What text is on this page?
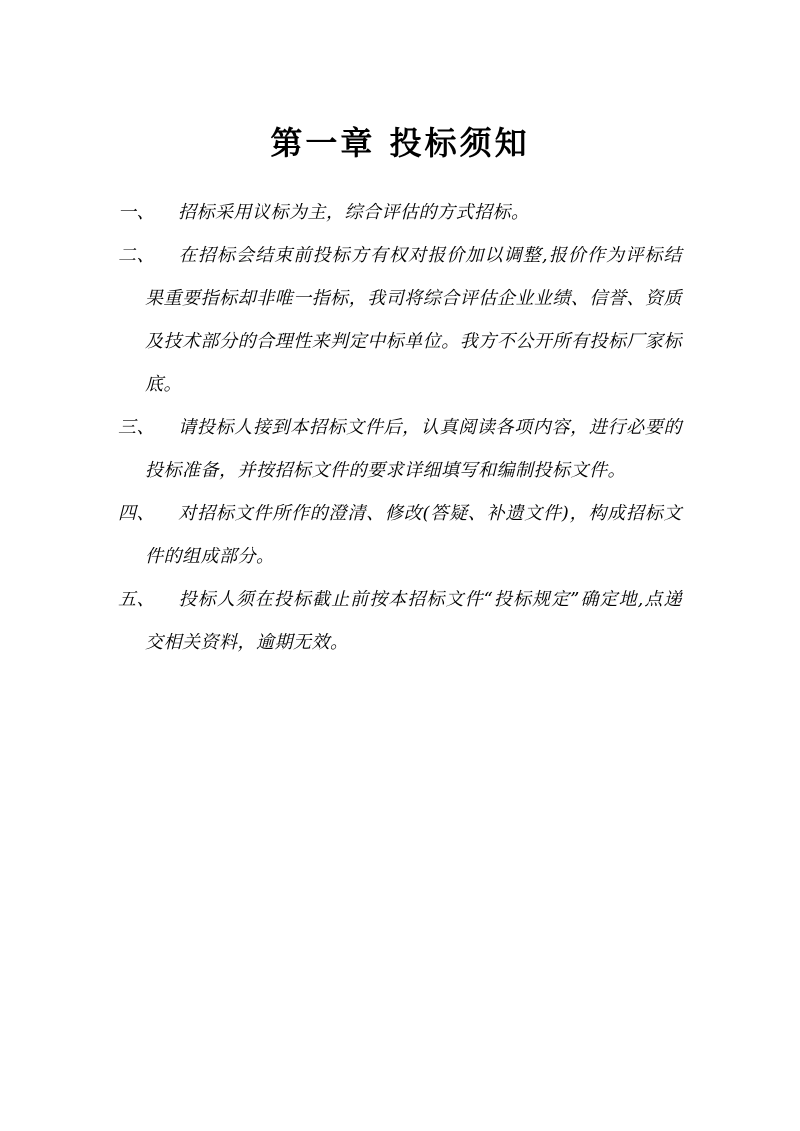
第一章 投标须知
一、 招标采用议标为主，综合评估的方式招标。
二、 在招标会结束前投标方有权对报价加以调整,报价作为评标结果重要指标却非唯一指标，我司将综合评估企业业绩、信誉、资质及技术部分的合理性来判定中标单位。我方不公开所有投标厂家标底。
三、 请投标人接到本招标文件后，认真阅读各项内容，进行必要的投标准备，并按招标文件的要求详细填写和编制投标文件。
四、 对招标文件所作的澄清、修改(答疑、补遗文件)，构成招标文件的组成部分。
五、 投标人须在投标截止前按本招标文件“投标规定”确定地,点递交相关资料，逾期无效。
